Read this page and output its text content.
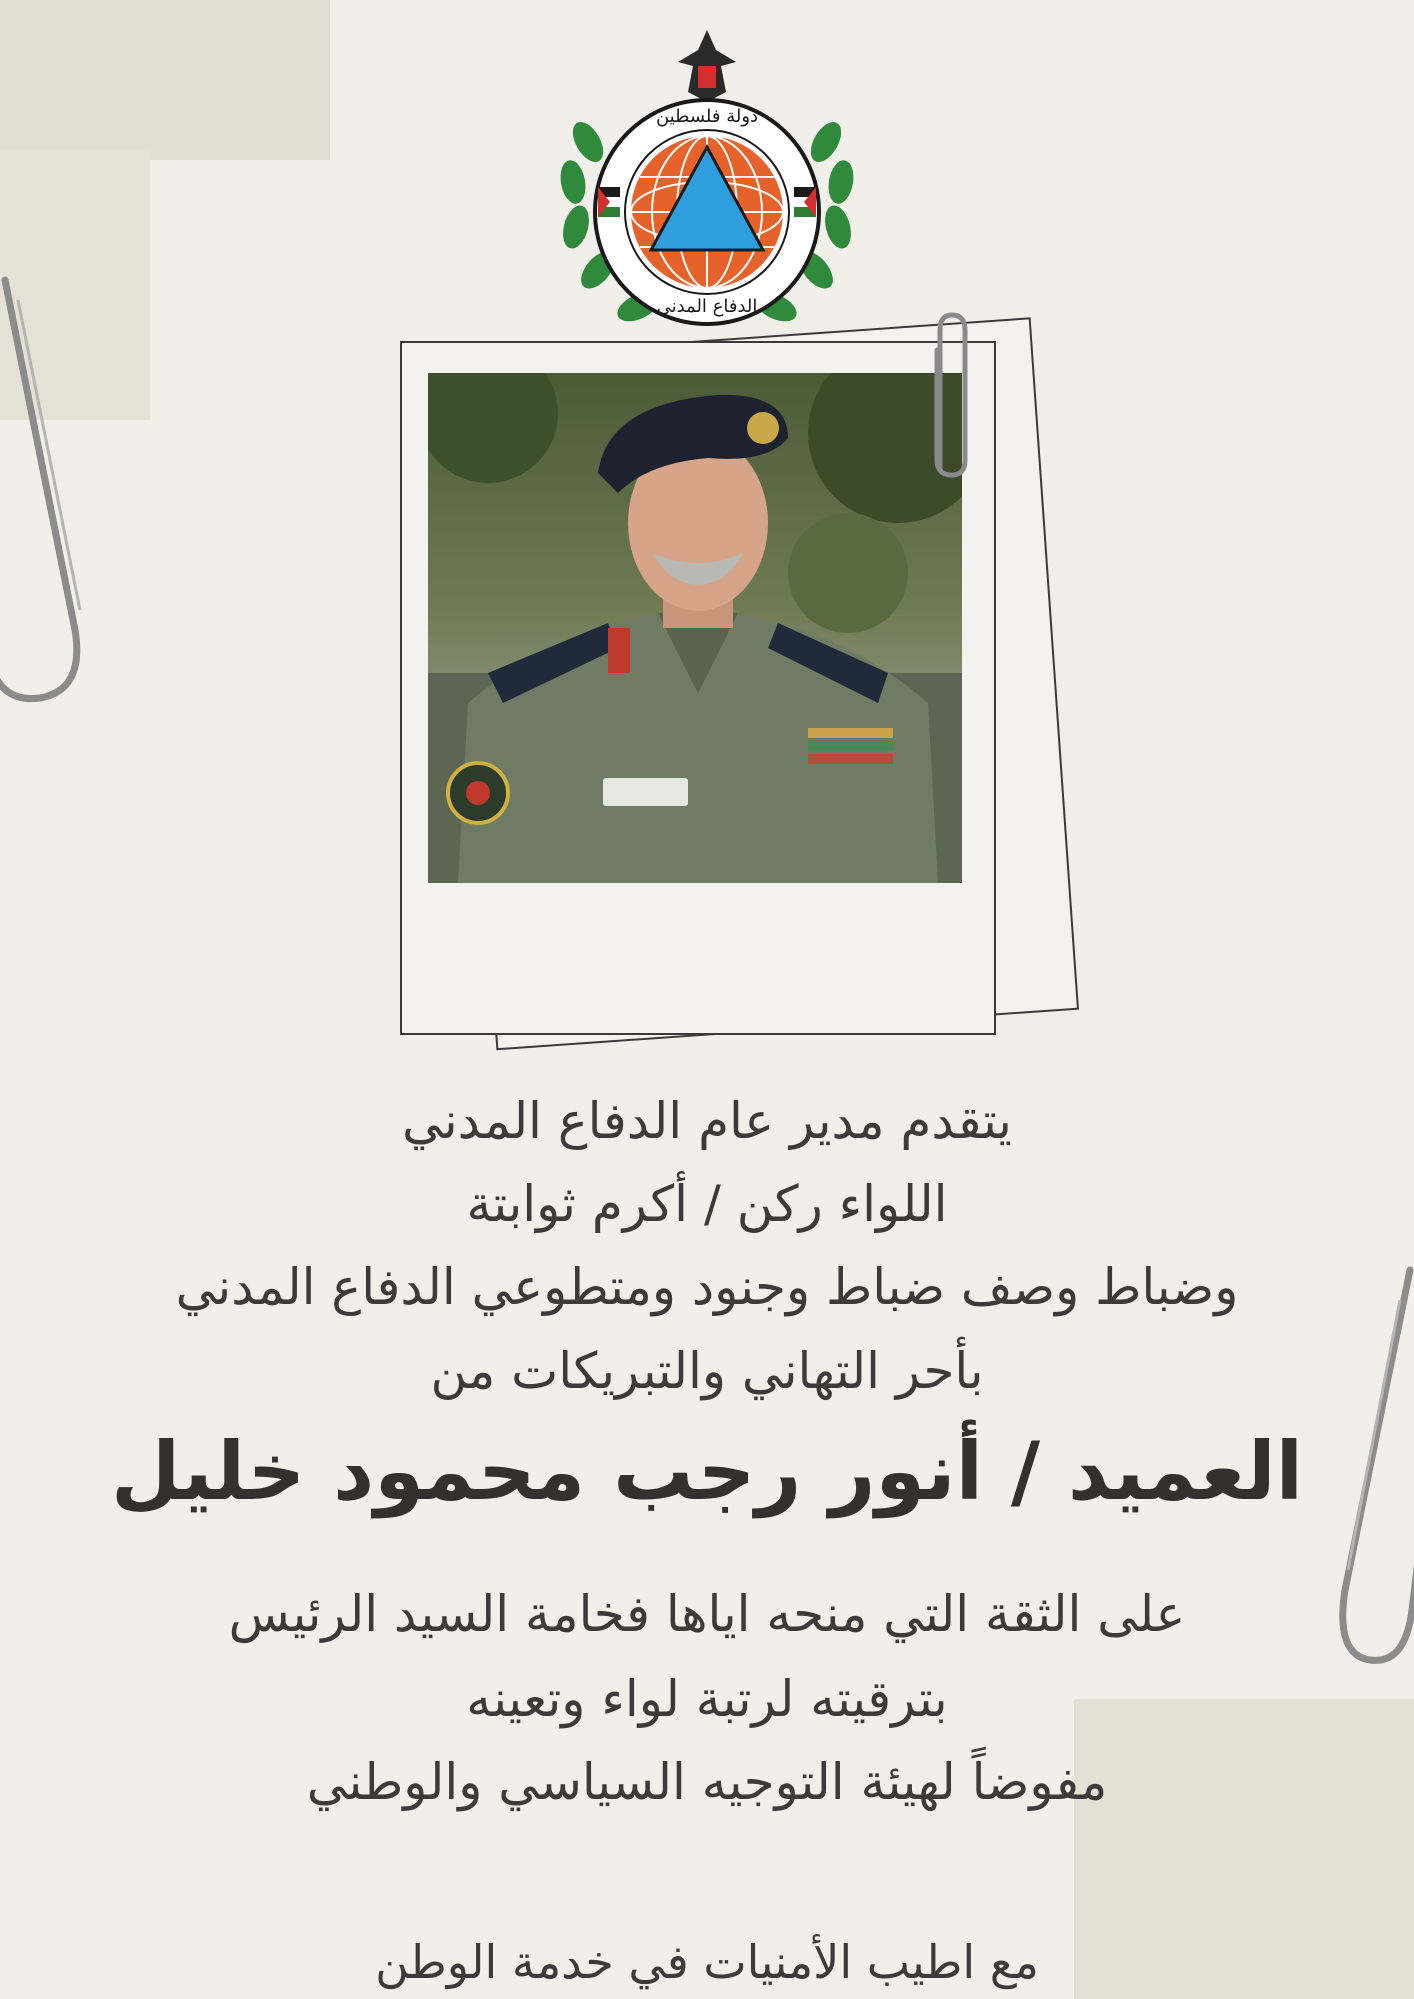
دولة فلسطين
الدفاع المدني
يتقدم مدير عام الدفاع المدني
اللواء ركن / أكرم ثوابتة
وضباط وصف ضباط وجنود ومتطوعي الدفاع المدني
بأحر التهاني والتبريكات من
العميد / أنور رجب محمود خليل
على الثقة التي منحه اياها فخامة السيد الرئيس
بترقيته لرتبة لواء وتعينه
مفوضاً لهيئة التوجيه السياسي والوطني
مع اطيب الأمنيات في خدمة الوطن
